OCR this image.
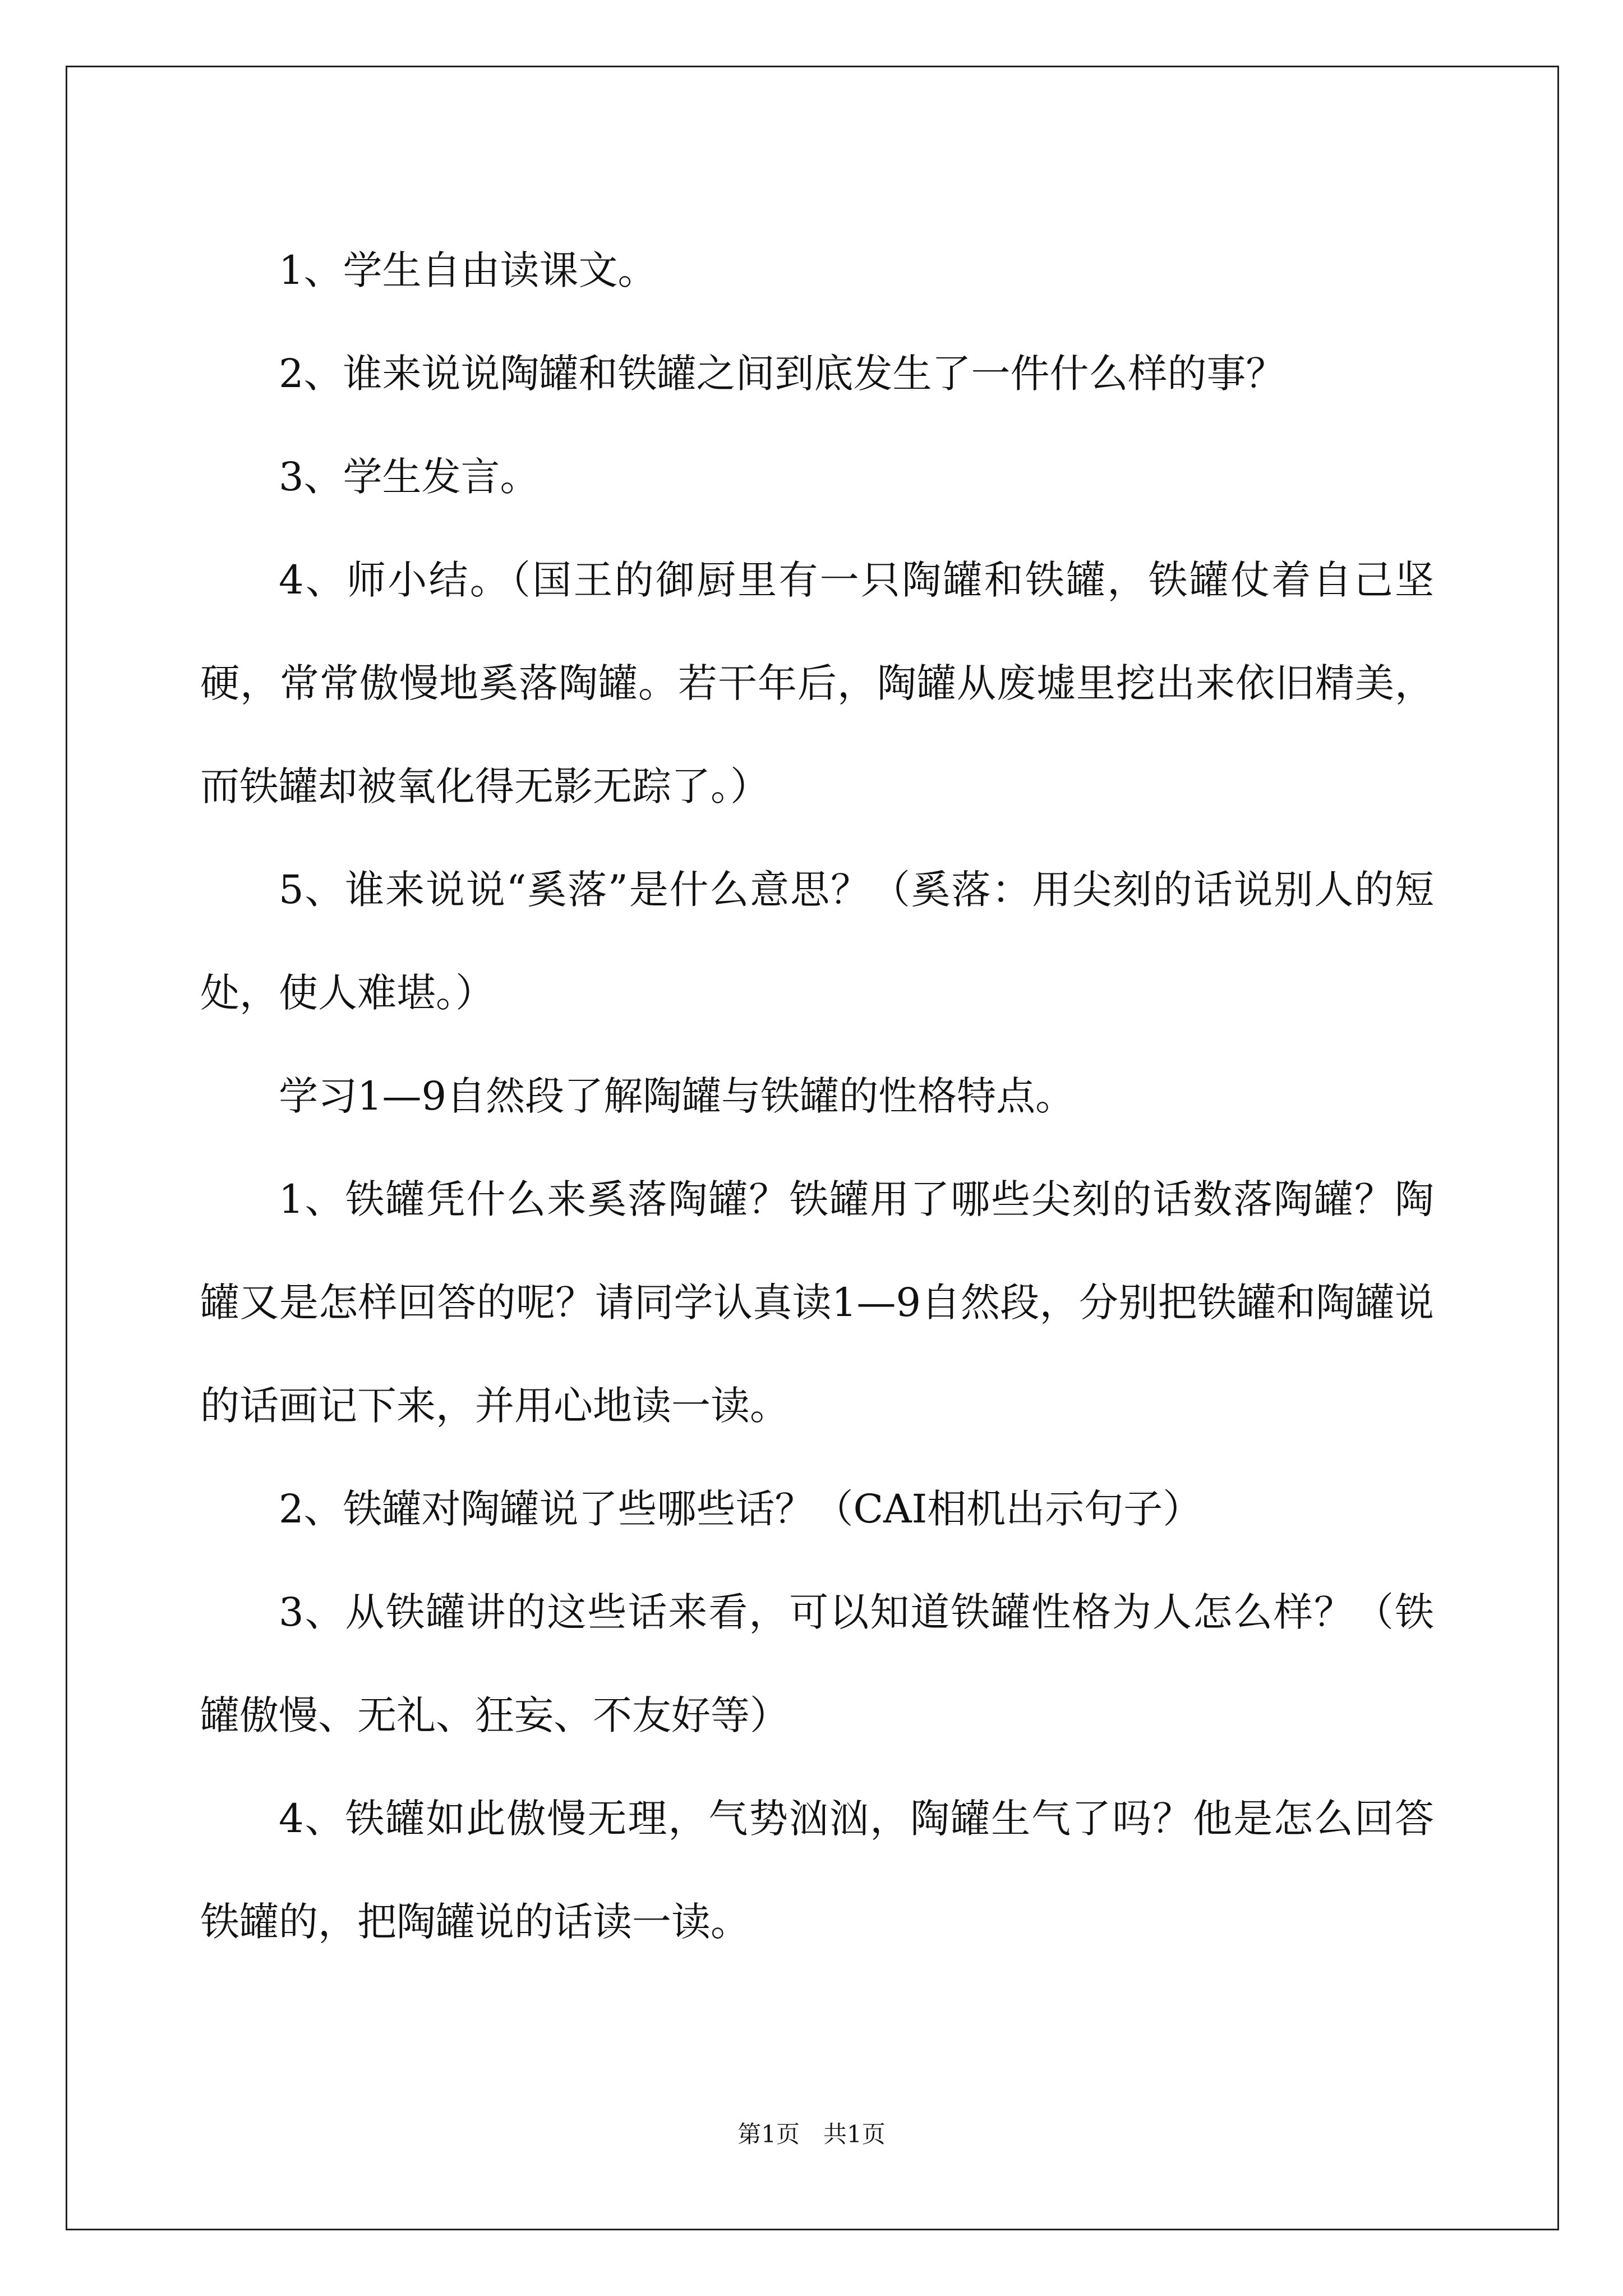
1、学生自由读课文。

2、谁来说说陶罐和铁罐之间到底发生了一件什么样的事？

3、学生发言。

4、师小结。（国王的御厨里有一只陶罐和铁罐，铁罐仗着自己坚硬，常常傲慢地奚落陶罐。若干年后，陶罐从废墟里挖出来依旧精美，而铁罐却被氧化得无影无踪了。）

5、谁来说说“奚落”是什么意思？（奚落：用尖刻的话说别人的短处，使人难堪。）

学习1—9自然段了解陶罐与铁罐的性格特点。

1、铁罐凭什么来奚落陶罐？铁罐用了哪些尖刻的话数落陶罐？陶罐又是怎样回答的呢？请同学认真读1—9自然段，分别把铁罐和陶罐说的话画记下来，并用心地读一读。

2、铁罐对陶罐说了些哪些话？（CAI相机出示句子）

3、从铁罐讲的这些话来看，可以知道铁罐性格为人怎么样？（铁罐傲慢、无礼、狂妄、不友好等）

4、铁罐如此傲慢无理，气势汹汹，陶罐生气了吗？他是怎么回答铁罐的，把陶罐说的话读一读。

第1页　共1页
